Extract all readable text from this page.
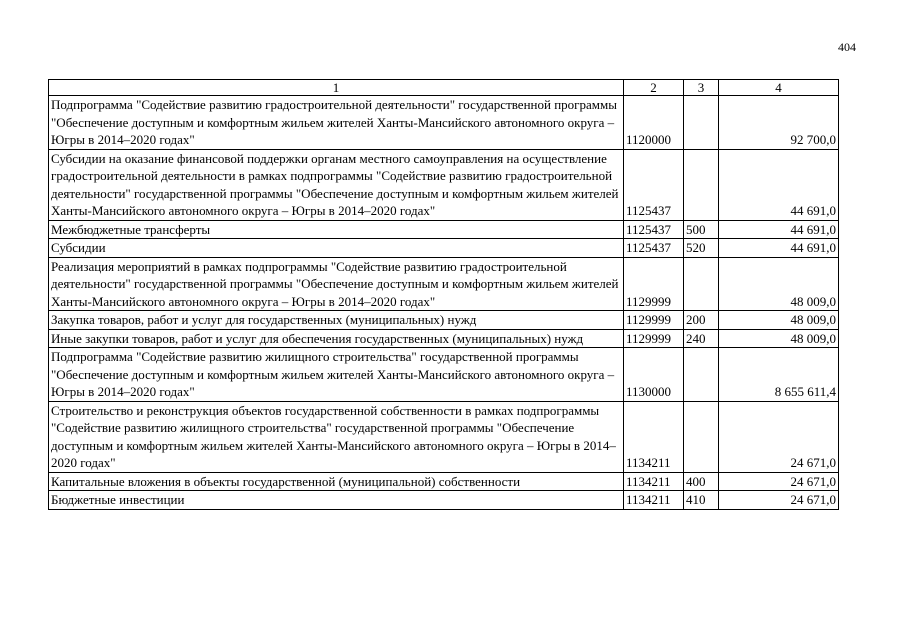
404
1	2	3	4
Подпрограмма "Содействие развитию градостроительной деятельности" государственной программы "Обеспечение доступным и комфортным жильем жителей Ханты-Мансийского автономного округа – Югры в 2014–2020 годах"	1120000		92 700,0
Субсидии на оказание финансовой поддержки органам местного самоуправления на осуществление градостроительной деятельности в рамках подпрограммы "Содействие развитию градостроительной деятельности" государственной программы "Обеспечение доступным и комфортным жильем жителей Ханты-Мансийского автономного округа – Югры в 2014–2020 годах"	1125437		44 691,0
Межбюджетные трансферты	1125437	500	44 691,0
Субсидии	1125437	520	44 691,0
Реализация мероприятий в рамках подпрограммы "Содействие развитию градостроительной деятельности" государственной программы "Обеспечение доступным и комфортным жильем жителей Ханты-Мансийского автономного округа – Югры в 2014–2020 годах"	1129999		48 009,0
Закупка товаров, работ и услуг для государственных (муниципальных) нужд	1129999	200	48 009,0
Иные закупки товаров, работ и услуг для обеспечения государственных (муниципальных) нужд	1129999	240	48 009,0
Подпрограмма "Содействие развитию жилищного строительства" государственной программы "Обеспечение доступным и комфортным жильем жителей Ханты-Мансийского автономного округа – Югры в 2014–2020 годах"	1130000		8 655 611,4
Строительство и реконструкция объектов государственной собственности в рамках подпрограммы "Содействие развитию жилищного строительства" государственной программы "Обеспечение доступным и комфортным жильем жителей Ханты-Мансийского автономного округа – Югры в 2014–2020 годах"	1134211		24 671,0
Капитальные вложения в объекты государственной (муниципальной) собственности	1134211	400	24 671,0
Бюджетные инвестиции	1134211	410	24 671,0
